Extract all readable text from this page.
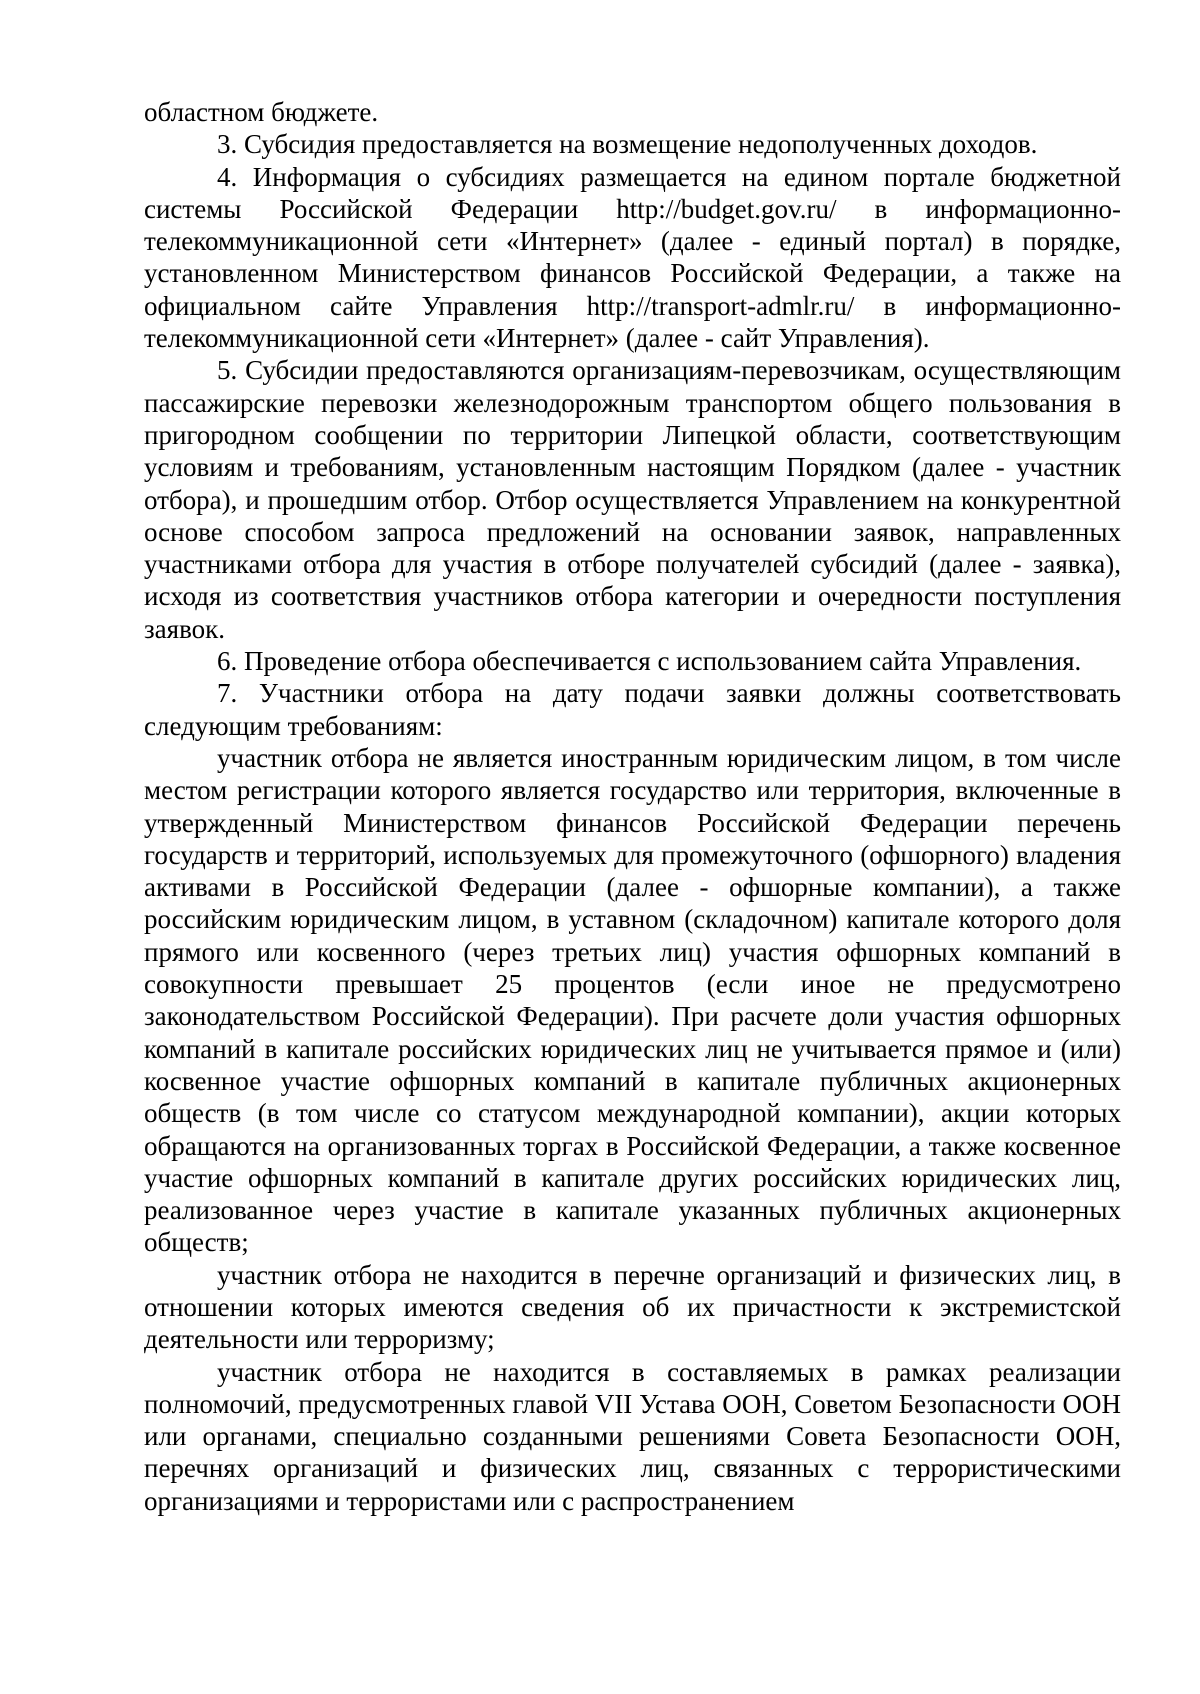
областном бюджете.

3. Субсидия предоставляется на возмещение недополученных доходов.

4. Информация о субсидиях размещается на едином портале бюджетной системы Российской Федерации http://budget.gov.ru/ в информационно-телекоммуникационной сети «Интернет» (далее - единый портал) в порядке, установленном Министерством финансов Российской Федерации, а также на официальном сайте Управления http://transport-admlr.ru/ в информационно-телекоммуникационной сети «Интернет» (далее - сайт Управления).

5. Субсидии предоставляются организациям-перевозчикам, осуществляющим пассажирские перевозки железнодорожным транспортом общего пользования в пригородном сообщении по территории Липецкой области, соответствующим условиям и требованиям, установленным настоящим Порядком (далее - участник отбора), и прошедшим отбор. Отбор осуществляется Управлением на конкурентной основе способом запроса предложений на основании заявок, направленных участниками отбора для участия в отборе получателей субсидий (далее - заявка), исходя из соответствия участников отбора категории и очередности поступления заявок.

6. Проведение отбора обеспечивается с использованием сайта Управления.

7. Участники отбора на дату подачи заявки должны соответствовать следующим требованиям:

участник отбора не является иностранным юридическим лицом, в том числе местом регистрации которого является государство или территория, включенные в утвержденный Министерством финансов Российской Федерации перечень государств и территорий, используемых для промежуточного (офшорного) владения активами в Российской Федерации (далее - офшорные компании), а также российским юридическим лицом, в уставном (складочном) капитале которого доля прямого или косвенного (через третьих лиц) участия офшорных компаний в совокупности превышает 25 процентов (если иное не предусмотрено законодательством Российской Федерации). При расчете доли участия офшорных компаний в капитале российских юридических лиц не учитывается прямое и (или) косвенное участие офшорных компаний в капитале публичных акционерных обществ (в том числе со статусом международной компании), акции которых обращаются на организованных торгах в Российской Федерации, а также косвенное участие офшорных компаний в капитале других российских юридических лиц, реализованное через участие в капитале указанных публичных акционерных обществ;

участник отбора не находится в перечне организаций и физических лиц, в отношении которых имеются сведения об их причастности к экстремистской деятельности или терроризму;

участник отбора не находится в составляемых в рамках реализации полномочий, предусмотренных главой VII Устава ООН, Советом Безопасности ООН или органами, специально созданными решениями Совета Безопасности ООН, перечнях организаций и физических лиц, связанных с террористическими организациями и террористами или с распространением
